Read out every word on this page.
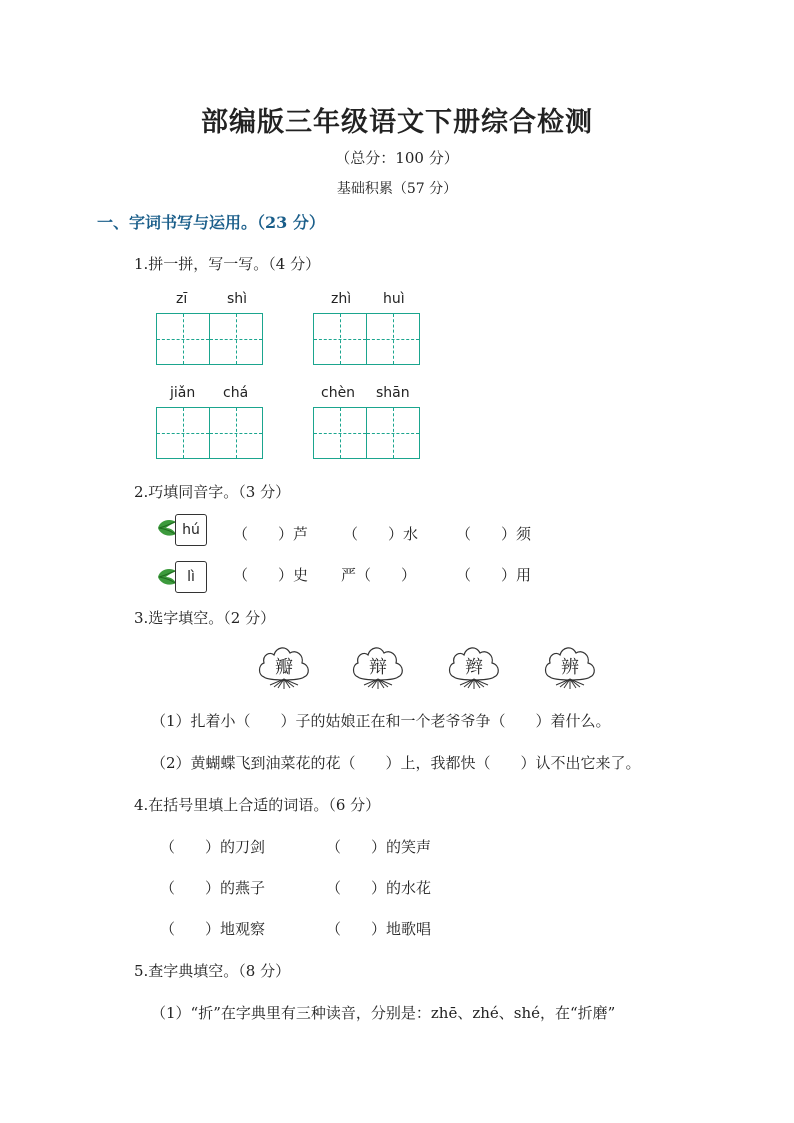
部编版三年级语文下册综合检测
（总分：100 分）
基础积累（57 分）
一、字词书写与运用。（23 分）
1.拼一拼，写一写。（4 分）
zī	shì	zhì huì
jiǎn chá	chèn shān
2.巧填同音字。（3 分）
hú	（　　）芦 （　　）水	（　　）须
lì	（　　）史 严（　　）	（　　）用
3.选字填空。（2 分）
瓣	辩	辫	辨
（1）扎着小（　　）子的姑娘正在和一个老爷爷争（　　）着什么。
（2）黄蝴蝶飞到油菜花的花（　　）上，我都快（　　）认不出它来了。
4.在括号里填上合适的词语。（6 分）
（　　）的刀剑	（　　）的笑声
（　　）的燕子	（　　）的水花
（　　）地观察	（　　）地歌唱
5.查字典填空。（8 分）
（1）“折”在字典里有三种读音，分别是：zhē、zhé、shé，在“折磨”
